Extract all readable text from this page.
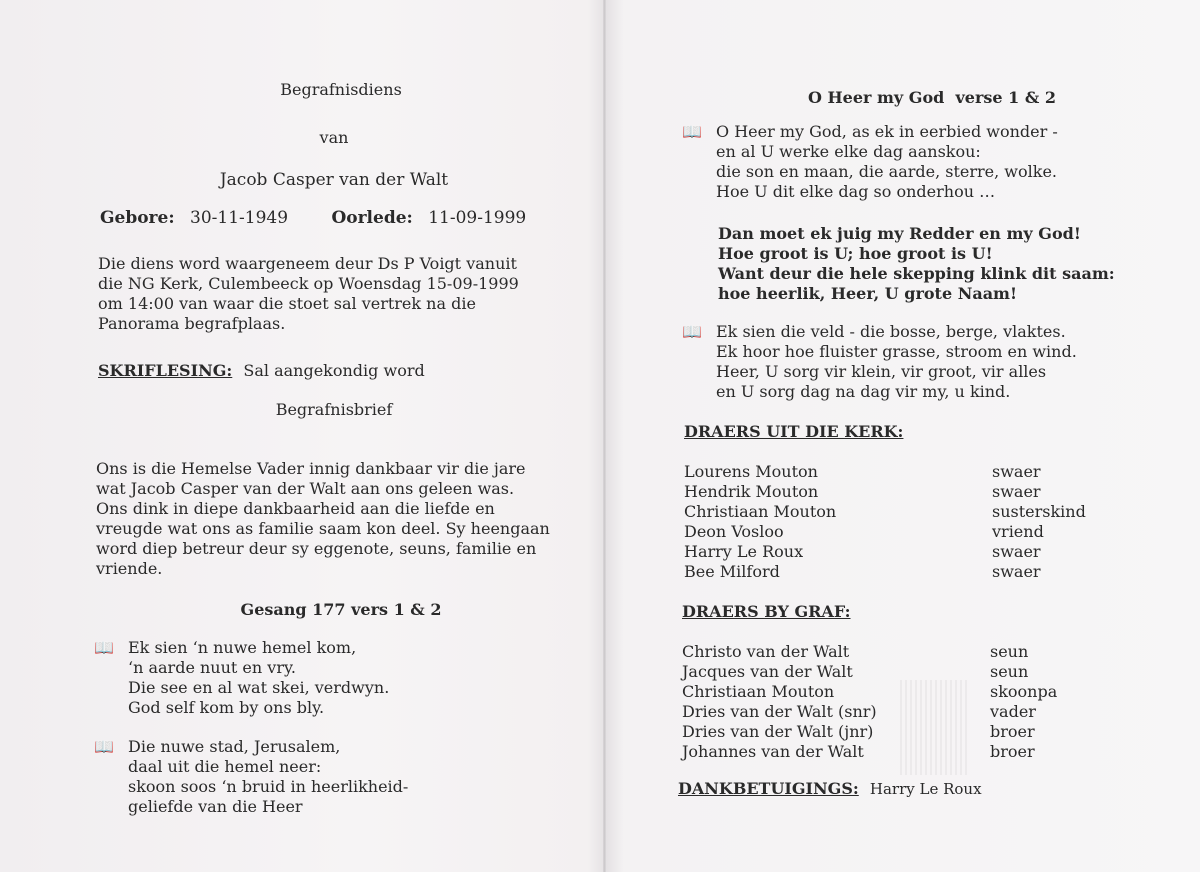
Begrafnisdiens
van
Jacob Casper van der Walt
Gebore: 30-11-1949	Oorlede: 11-09-1999
Die diens word waargeneem deur Ds P Voigt vanuit
die NG Kerk, Culembeeck op Woensdag 15-09-1999
om 14:00 van waar die stoet sal vertrek na die
Panorama begrafplaas.
SKRIFLESING: Sal aangekondig word
Begrafnisbrief
Ons is die Hemelse Vader innig dankbaar vir die jare
wat Jacob Casper van der Walt aan ons geleen was.
Ons dink in diepe dankbaarheid aan die liefde en
vreugde wat ons as familie saam kon deel. Sy heengaan
word diep betreur deur sy eggenote, seuns, familie en
vriende.
Gesang 177 vers 1 & 2
📖 Ek sien ‘n nuwe hemel kom,
‘n aarde nuut en vry.
Die see en al wat skei, verdwyn.
God self kom by ons bly.
📖 Die nuwe stad, Jerusalem,
daal uit die hemel neer:
skoon soos ‘n bruid in heerlikheid-
geliefde van die Heer
O Heer my God  verse 1 & 2
📖 O Heer my God, as ek in eerbied wonder -
en al U werke elke dag aanskou:
die son en maan, die aarde, sterre, wolke.
Hoe U dit elke dag so onderhou …
Dan moet ek juig my Redder en my God!
Hoe groot is U; hoe groot is U!
Want deur die hele skepping klink dit saam:
hoe heerlik, Heer, U grote Naam!
📖 Ek sien die veld - die bosse, berge, vlaktes.
Ek hoor hoe fluister grasse, stroom en wind.
Heer, U sorg vir klein, vir groot, vir alles
en U sorg dag na dag vir my, u kind.
DRAERS UIT DIE KERK:
Lourens Mouton	swaer
Hendrik Mouton	swaer
Christiaan Mouton	susterskind
Deon Vosloo	vriend
Harry Le Roux	swaer
Bee Milford	swaer
DRAERS BY GRAF:
Christo van der Walt	seun
Jacques van der Walt	seun
Christiaan Mouton	skoonpa
Dries van der Walt (snr)	vader
Dries van der Walt (jnr)	broer
Johannes van der Walt	broer
DANKBETUIGINGS: Harry Le Roux
